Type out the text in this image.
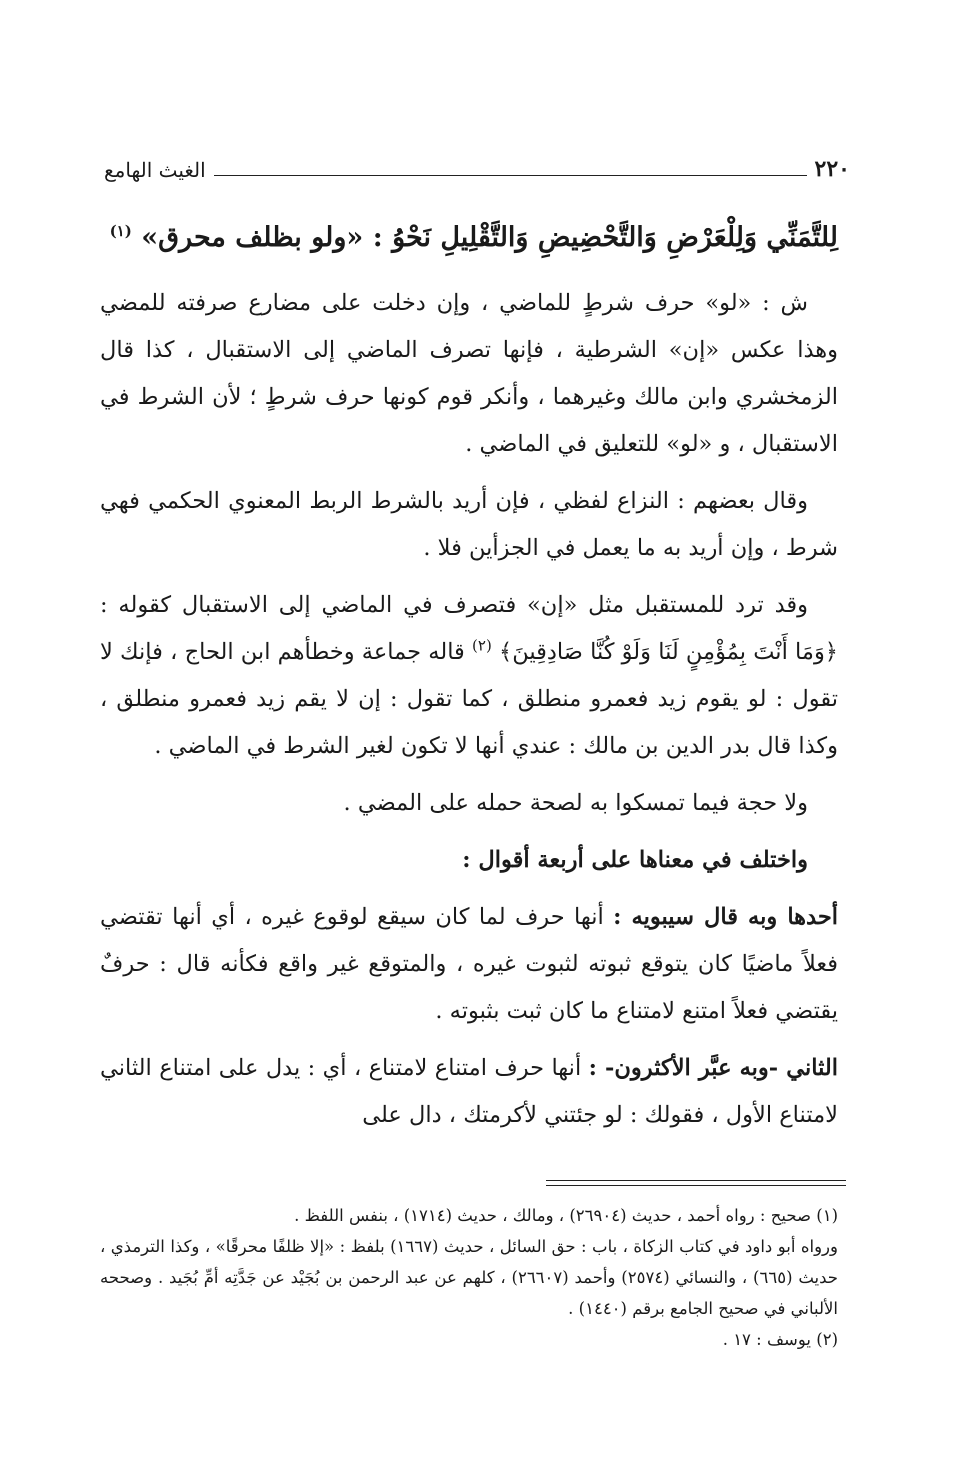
٢٢٠
الغيث الهامع

لِلتَّمَنِّي وَلِلْعَرْضِ وَالتَّحْضِيضِ وَالتَّقْلِيلِ نَحْوُ : «ولو بظلف محرق» $^{(١)}$

ش : «لو» حرف شرطٍ للماضي ، وإن دخلت على مضارع صرفته للمضي وهذا عكس «إن» الشرطية ، فإنها تصرف الماضي إلى الاستقبال ، كذا قال الزمخشري وابن مالك وغيرهما ، وأنكر قوم كونها حرف شرطٍ ؛ لأن الشرط في الاستقبال ، و «لو» للتعليق في الماضي .

وقال بعضهم : النزاع لفظي ، فإن أريد بالشرط الربط المعنوي الحكمي فهي شرط ، وإن أريد به ما يعمل في الجزأين فلا .

وقد ترد للمستقبل مثل «إن» فتصرف في الماضي إلى الاستقبال كقوله : ﴿وَمَا أَنْتَ بِمُؤْمِنٍ لَنَا وَلَوْ كُنَّا صَادِقِينَ﴾ $^{(٢)}$ قاله جماعة وخطأهم ابن الحاج ، فإنك لا تقول : لو يقوم زيد فعمرو منطلق ، كما تقول : إن لا يقم زيد فعمرو منطلق ، وكذا قال بدر الدين بن مالك : عندي أنها لا تكون لغير الشرط في الماضي .

ولا حجة فيما تمسكوا به لصحة حمله على المضي .

واختلف في معناها على أربعة أقوال :

أحدها وبه قال سيبويه : أنها حرف لما كان سيقع لوقوع غيره ، أي أنها تقتضي فعلاً ماضيًا كان يتوقع ثبوته لثبوت غيره ، والمتوقع غير واقع فكأنه قال : حرفٌ يقتضي فعلاً امتنع لامتناع ما كان ثبت بثبوته .

الثاني -وبه عبَّر الأكثرون- : أنها حرف امتناع لامتناع ، أي : يدل على امتناع الثاني لامتناع الأول ، فقولك : لو جئتني لأكرمتك ، دال على

(١) صحيح : رواه أحمد ، حديث (٢٦٩٠٤) ، ومالك ، حديث (١٧١٤) ، بنفس اللفظ .

ورواه أبو داود في كتاب الزكاة ، باب : حق السائل ، حديث (١٦٦٧) بلفظ : «إلا ظلفًا محرقًا» ، وكذا الترمذي ، حديث (٦٦٥) ، والنسائي (٢٥٧٤) وأحمد (٢٦٦٠٧) ، كلهم عن عبد الرحمن بن بُجَيْد عن جَدَّتِه أمِّ بُجَيد . وصححه الألباني في صحيح الجامع برقم (١٤٤٠) .

(٢) يوسف : ١٧ .
